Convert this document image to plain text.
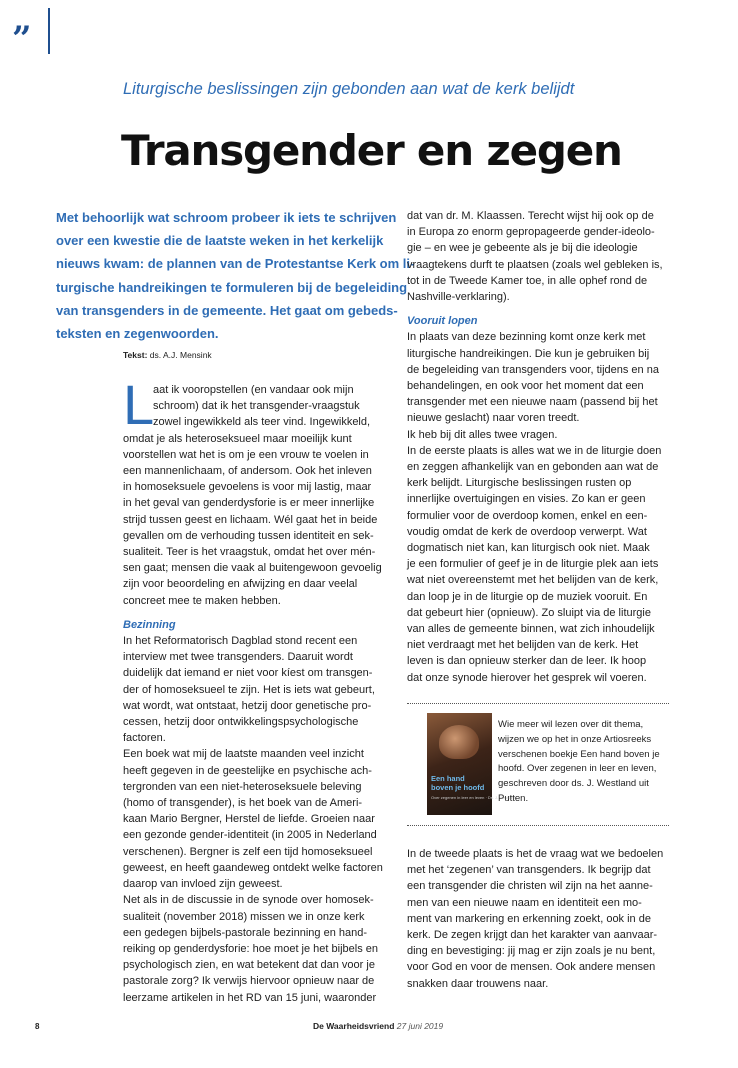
”
Liturgische beslissingen zijn gebonden aan wat de kerk belijdt
Transgender en zegen

Met behoorlijk wat schroom probeer ik iets te schrijven

over een kwestie die de laatste weken in het kerkelijk

nieuws kwam: de plannen van de Protestantse Kerk om li-

turgische handreikingen te formuleren bij de begeleiding

van transgenders in de gemeente. Het gaat om gebeds-

teksten en zegenwoorden.

Tekst: ds. A.J. Mensink
L

aat ik vooropstellen (en vandaar ook mijn

schroom) dat ik het transgender-vraagstuk

zowel ingewikkeld als teer vind. Ingewikkeld,

omdat je als heteroseksueel maar moeilijk kunt

voorstellen wat het is om je een vrouw te voelen in

een mannenlichaam, of andersom. Ook het inleven

in homoseksuele gevoelens is voor mij lastig, maar

in het geval van genderdysforie is er meer innerlijke

strijd tussen geest en lichaam. Wél gaat het in beide

gevallen om de verhouding tussen identiteit en sek-

sualiteit. Teer is het vraagstuk, omdat het over mén-

sen gaat; mensen die vaak al buitengewoon gevoelig

zijn voor beoordeling en afwijzing en daar veelal

concreet mee te maken hebben.

Bezinning

In het Reformatorisch Dagblad stond recent een

interview met twee transgenders. Daaruit wordt

duidelijk dat iemand er niet voor kíest om transgen-

der of homoseksueel te zijn. Het is iets wat gebeurt,

wat wordt, wat ontstaat, hetzij door genetische pro-

cessen, hetzij door ontwikkelingspsychologische

factoren.

Een boek wat mij de laatste maanden veel inzicht

heeft gegeven in de geestelijke en psychische ach-

tergronden van een niet-heteroseksuele beleving

(homo of transgender), is het boek van de Ameri-

kaan Mario Bergner, Herstel de liefde. Groeien naar

een gezonde gender-identiteit (in 2005 in Nederland

verschenen). Bergner is zelf een tijd homoseksueel

geweest, en heeft gaandeweg ontdekt welke factoren

daarop van invloed zijn geweest.

Net als in de discussie in de synode over homosek-

sualiteit (november 2018) missen we in onze kerk

een gedegen bijbels-pastorale bezinning en hand-

reiking op genderdysforie: hoe moet je het bijbels en

psychologisch zien, en wat betekent dat dan voor je

pastorale zorg? Ik verwijs hiervoor opnieuw naar de

leerzame artikelen in het RD van 15 juni, waaronder

dat van dr. M. Klaassen. Terecht wijst hij ook op de

in Europa zo enorm gepropageerde gender-ideolo-

gie – en wee je gebeente als je bij die ideologie

vraagtekens durft te plaatsen (zoals wel gebleken is,

tot in de Tweede Kamer toe, in alle ophef rond de

Nashville-verklaring).

Vooruit lopen

In plaats van deze bezinning komt onze kerk met

liturgische handreikingen. Die kun je gebruiken bij

de begeleiding van transgenders voor, tijdens en na

behandelingen, en ook voor het moment dat een

transgender met een nieuwe naam (passend bij het

nieuwe geslacht) naar voren treedt.

Ik heb bij dit alles twee vragen.

In de eerste plaats is alles wat we in de liturgie doen

en zeggen afhankelijk van en gebonden aan wat de

kerk belijdt. Liturgische beslissingen rusten op

innerlijke overtuigingen en visies. Zo kan er geen

formulier voor de overdoop komen, enkel en een-

voudig omdat de kerk de overdoop verwerpt. Wat

dogmatisch niet kan, kan liturgisch ook niet. Maak

je een formulier of geef je in de liturgie plek aan iets

wat niet overeenstemt met het belijden van de kerk,

dan loop je in de liturgie op de muziek vooruit. En

dat gebeurt hier (opnieuw). Zo sluipt via de liturgie

van alles de gemeente binnen, wat zich inhoudelijk

niet verdraagt met het belijden van de kerk. Het

leven is dan opnieuw sterker dan de leer. Ik hoop

dat onze synode hierover het gesprek wil voeren.

Een hand
boven je hoofd
Over zegenen in leer en leven · Ds. J. Westland

Wie meer wil lezen over dit thema,

wijzen we op het in onze Artiosreeks

verschenen boekje Een hand boven je

hoofd. Over zegenen in leer en leven,

geschreven door ds. J. Westland uit

Putten.

In de tweede plaats is het de vraag wat we bedoelen

met het ‘zegenen’ van transgenders. Ik begrijp dat

een transgender die christen wil zijn na het aanne-

men van een nieuwe naam en identiteit een mo-

ment van markering en erkenning zoekt, ook in de

kerk. De zegen krijgt dan het karakter van aanvaar-

ding en bevestiging: jij mag er zijn zoals je nu bent,

voor God en voor de mensen. Ook andere mensen

snakken daar trouwens naar.

8	De Waarheidsvriend 27 juni 2019
